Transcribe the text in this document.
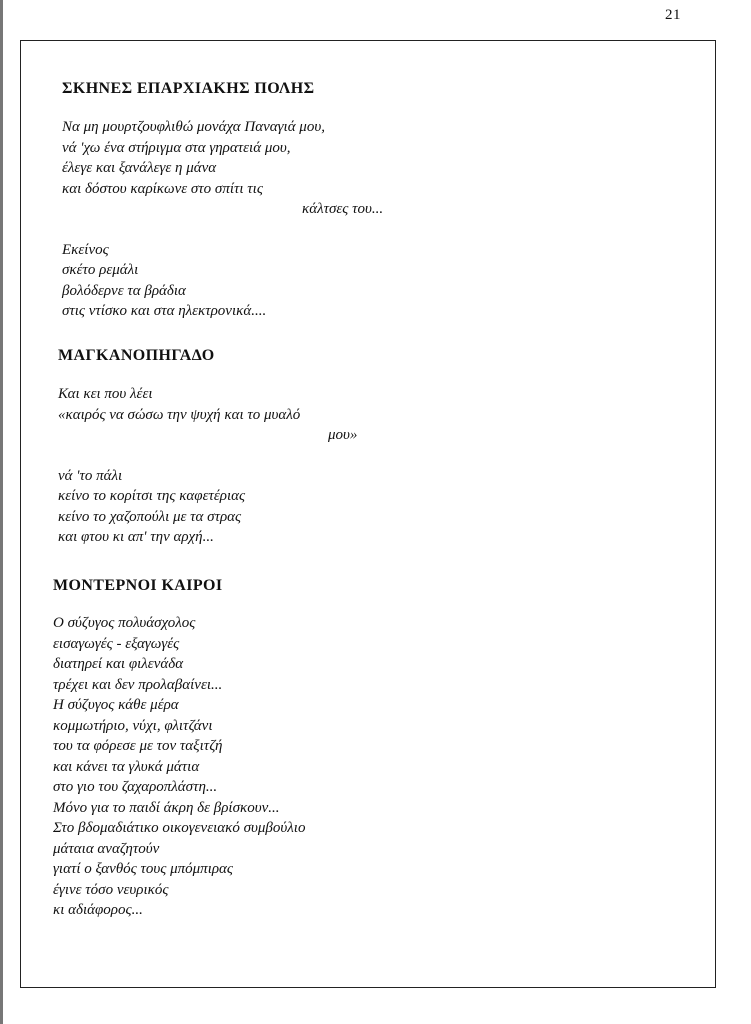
21
ΣΚΗΝΕΣ ΕΠΑΡΧΙΑΚΗΣ ΠΟΛΗΣ

Να μη μουρτζουφλιθώ μονάχα Παναγιά μου,

νά 'χω ένα στήριγμα στα γηρατειά μου,

έλεγε και ξανάλεγε η μάνα

και δόστου καρίκωνε στο σπίτι τις

κάλτσες του...

Εκείνος

σκέτο ρεμάλι

βολόδερνε τα βράδια

στις ντίσκο και στα ηλεκτρονικά....

ΜΑΓΚΑΝΟΠΗΓΑΔΟ

Και κει που λέει

«καιρός να σώσω την ψυχή και το μυαλό

μου»

νά 'το πάλι

κείνο το κορίτσι της καφετέριας

κείνο το χαζοπούλι με τα στρας

και φτου κι απ' την αρχή...

ΜΟΝΤΕΡΝΟΙ ΚΑΙΡΟΙ

Ο σύζυγος πολυάσχολος

εισαγωγές - εξαγωγές

διατηρεί και φιλενάδα

τρέχει και δεν προλαβαίνει...

Η σύζυγος κάθε μέρα

κομμωτήριο, νύχι, φλιτζάνι

του τα φόρεσε με τον ταξιτζή

και κάνει τα γλυκά μάτια

στο γιο του ζαχαροπλάστη...

Μόνο για το παιδί άκρη δε βρίσκουν...

Στο βδομαδιάτικο οικογενειακό συμβούλιο

μάταια αναζητούν

γιατί ο ξανθός τους μπόμπιρας

έγινε τόσο νευρικός

κι αδιάφορος...
